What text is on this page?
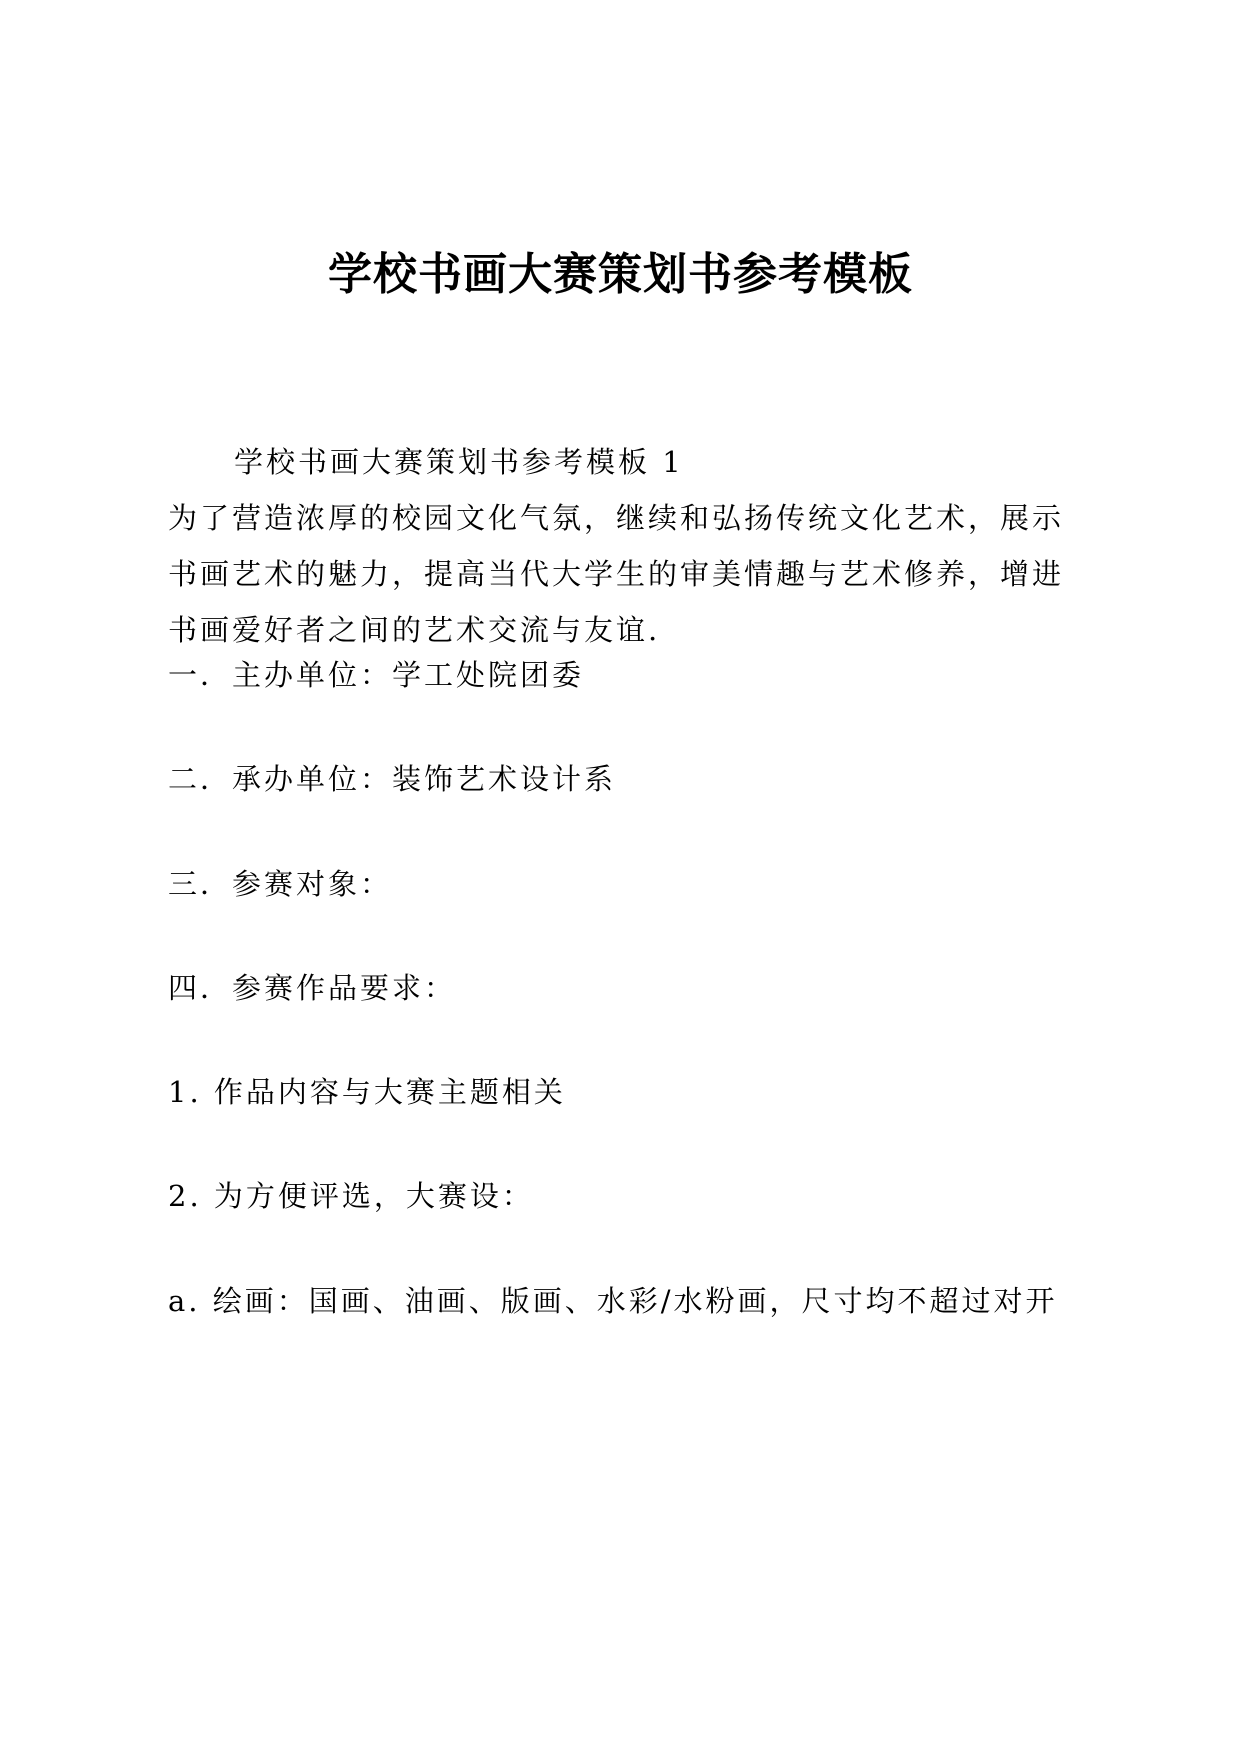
学校书画大赛策划书参考模板
学校书画大赛策划书参考模板 1
为了营造浓厚的校园文化气氛，继续和弘扬传统文化艺术，展示书画艺术的魅力，提高当代大学生的审美情趣与艺术修养，增进书画爱好者之间的艺术交流与友谊.
一．主办单位：学工处院团委
二．承办单位：装饰艺术设计系
三．参赛对象：
四．参赛作品要求：
1. 作品内容与大赛主题相关
2. 为方便评选，大赛设：
a. 绘画：国画、油画、版画、水彩/水粉画，尺寸均不超过对开
